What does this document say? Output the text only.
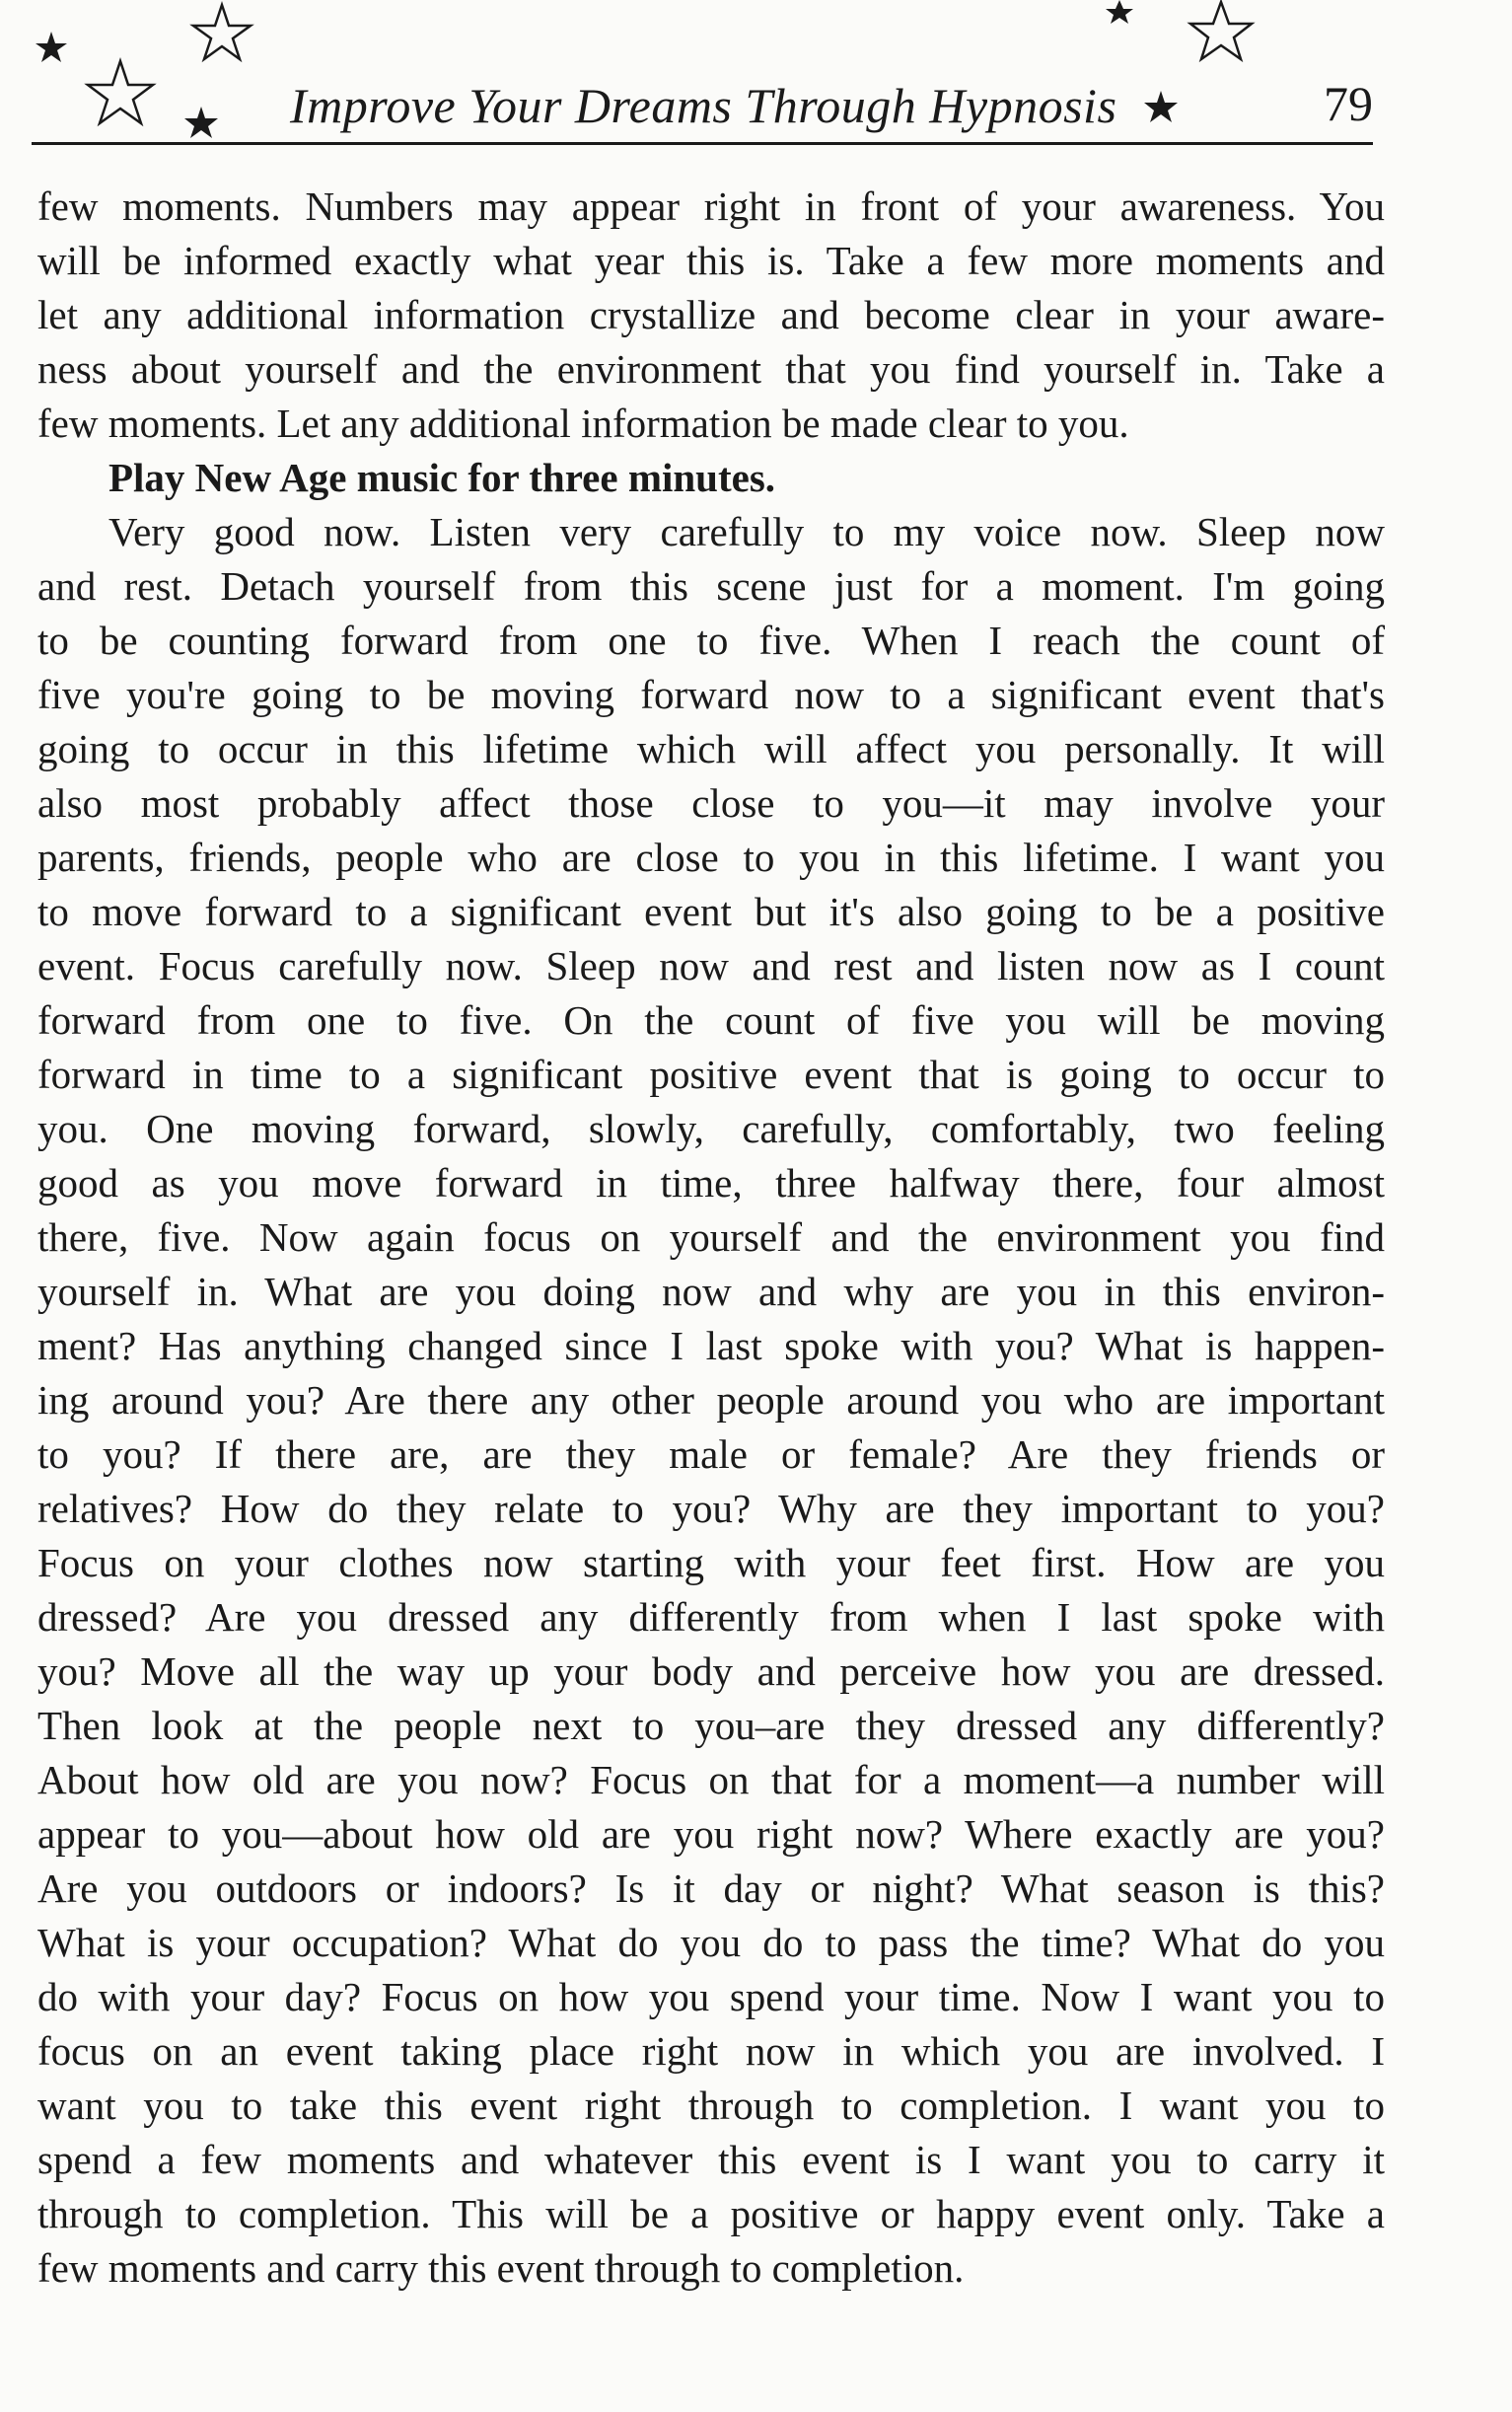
Improve Your Dreams Through Hypnosis	79
few moments. Numbers may appear right in front of your awareness. You
will be informed exactly what year this is. Take a few more moments and
let any additional information crystallize and become clear in your aware-
ness about yourself and the environment that you find yourself in. Take a
few moments. Let any additional information be made clear to you.
Play New Age music for three minutes.
Very good now. Listen very carefully to my voice now. Sleep now
and rest. Detach yourself from this scene just for a moment. I'm going
to be counting forward from one to five. When I reach the count of
five you're going to be moving forward now to a significant event that's
going to occur in this lifetime which will affect you personally. It will
also most probably affect those close to you—it may involve your
parents, friends, people who are close to you in this lifetime. I want you
to move forward to a significant event but it's also going to be a positive
event. Focus carefully now. Sleep now and rest and listen now as I count
forward from one to five. On the count of five you will be moving
forward in time to a significant positive event that is going to occur to
you. One moving forward, slowly, carefully, comfortably, two feeling
good as you move forward in time, three halfway there, four almost
there, five. Now again focus on yourself and the environment you find
yourself in. What are you doing now and why are you in this environ-
ment? Has anything changed since I last spoke with you? What is happen-
ing around you? Are there any other people around you who are important
to you? If there are, are they male or female? Are they friends or
relatives? How do they relate to you? Why are they important to you?
Focus on your clothes now starting with your feet first. How are you
dressed? Are you dressed any differently from when I last spoke with
you? Move all the way up your body and perceive how you are dressed.
Then look at the people next to you–are they dressed any differently?
About how old are you now? Focus on that for a moment—a number will
appear to you—about how old are you right now? Where exactly are you?
Are you outdoors or indoors? Is it day or night? What season is this?
What is your occupation? What do you do to pass the time? What do you
do with your day? Focus on how you spend your time. Now I want you to
focus on an event taking place right now in which you are involved. I
want you to take this event right through to completion. I want you to
spend a few moments and whatever this event is I want you to carry it
through to completion. This will be a positive or happy event only. Take a
few moments and carry this event through to completion.
